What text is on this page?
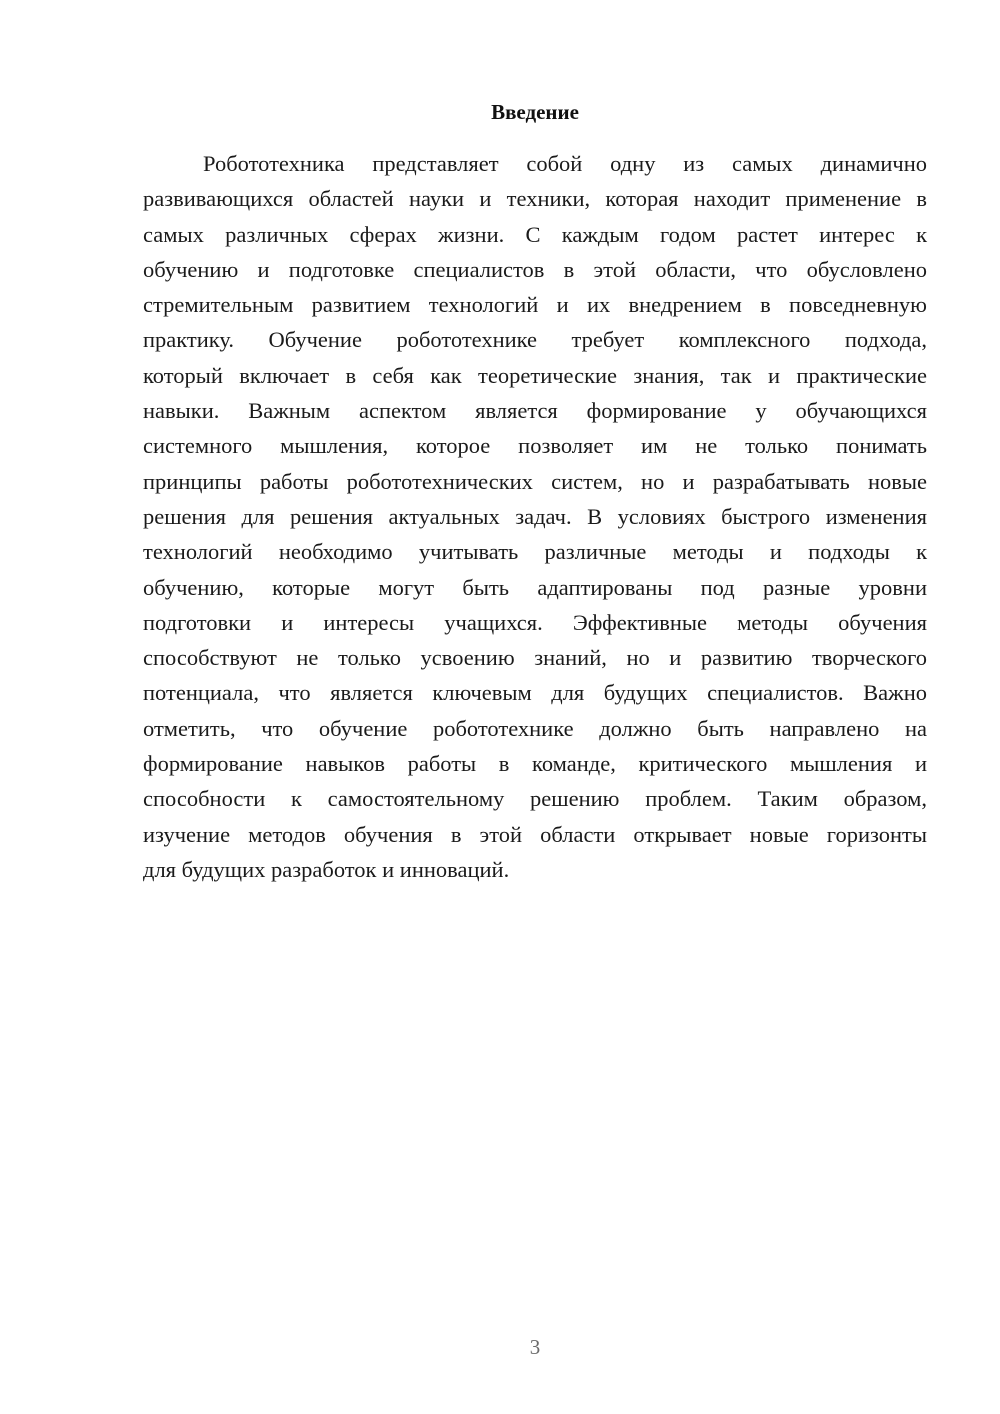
Введение

Робототехника представляет собой одну из самых динамично
развивающихся областей науки и техники, которая находит применение в
самых различных сферах жизни. С каждым годом растет интерес к
обучению и подготовке специалистов в этой области, что обусловлено
стремительным развитием технологий и их внедрением в повседневную
практику. Обучение робототехнике требует комплексного подхода,
который включает в себя как теоретические знания, так и практические
навыки. Важным аспектом является формирование у обучающихся
системного мышления, которое позволяет им не только понимать
принципы работы робототехнических систем, но и разрабатывать новые
решения для решения актуальных задач. В условиях быстрого изменения
технологий необходимо учитывать различные методы и подходы к
обучению, которые могут быть адаптированы под разные уровни
подготовки и интересы учащихся. Эффективные методы обучения
способствуют не только усвоению знаний, но и развитию творческого
потенциала, что является ключевым для будущих специалистов. Важно
отметить, что обучение робототехнике должно быть направлено на
формирование навыков работы в команде, критического мышления и
способности к самостоятельному решению проблем. Таким образом,
изучение методов обучения в этой области открывает новые горизонты
для будущих разработок и инноваций.

3
